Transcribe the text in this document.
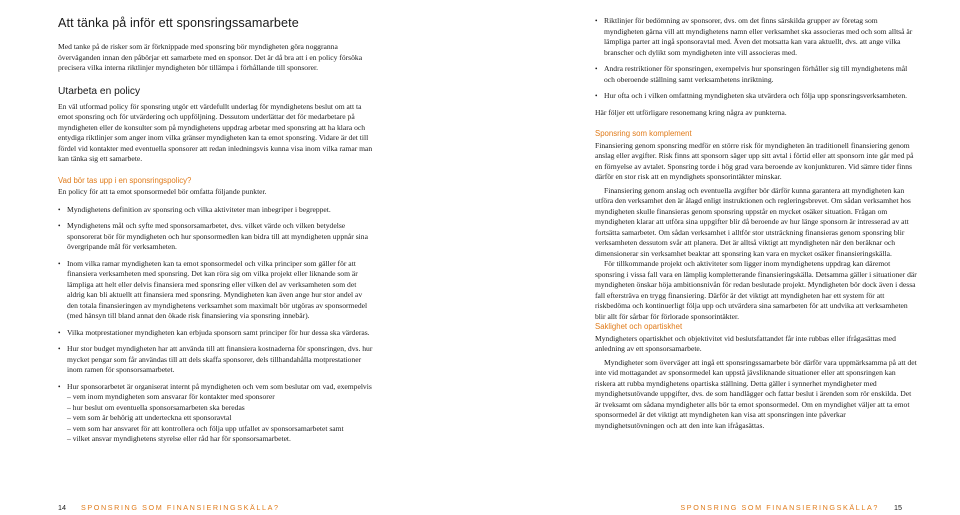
Att tänka på inför ett sponsringssamarbete

Med tanke på de risker som är förknippade med sponsring bör myndigheten göra noggranna överväganden innan den påbörjar ett samarbete med en sponsor. Det är då bra att i en policy försöka precisera vilka interna riktlinjer myndigheten bör tillämpa i förhållande till sponsorer.

Utarbeta en policy

En väl utformad policy för sponsring utgör ett värdefullt underlag för myndighetens beslut om att ta emot sponsring och för utvärdering och uppföljning. Dessutom underlättar det för medarbetare på myndigheten eller de konsulter som på myndighetens uppdrag arbetar med sponsring att ha klara och entydiga riktlinjer som anger inom vilka gränser myndigheten kan ta emot sponsring. Vidare är det till fördel vid kontakter med eventuella sponsorer att redan inledningsvis kunna visa inom vilka ramar man kan tänka sig ett samarbete.

Vad bör tas upp i en sponsringspolicy?

En policy för att ta emot sponsormedel bör omfatta följande punkter.

• Myndighetens definition av sponsring och vilka aktiviteter man inbegriper i begreppet.
• Myndighetens mål och syfte med sponsorsamarbetet, dvs. vilket värde och vilken betydelse sponsorerat bör för myndigheten och hur sponsormedlen kan bidra till att myndigheten uppnår sina övergripande mål för verksamheten.
• Inom vilka ramar myndigheten kan ta emot sponsormedel och vilka principer som gäller för att finansiera verksamheten med sponsring. Det kan röra sig om vilka projekt eller liknande som är lämpliga att helt eller delvis finansiera med sponsring eller vilken del av verksamheten som det aldrig kan bli aktuellt att finansiera med sponsring. Myndigheten kan även ange hur stor andel av den totala finansieringen av myndighetens verksamhet som maximalt bör utgöras av sponsormedel (med hänsyn till bland annat den ökade risk finansiering via sponsring innebär).
• Vilka motprestationer myndigheten kan erbjuda sponsorn samt principer för hur dessa ska värderas.
• Hur stor budget myndigheten har att använda till att finansiera kostnaderna för sponsringen, dvs. hur mycket pengar som får användas till att dels skaffa sponsorer, dels tillhandahålla motprestationer inom ramen för sponsorsamarbetet.
• Hur sponsorarbetet är organiserat internt på myndigheten och vem som beslutar om vad, exempelvis
– vem inom myndigheten som ansvarar för kontakter med sponsorer
– hur beslut om eventuella sponsorsamarbeten ska beredas
– vem som är behörig att underteckna ett sponsoravtal
– vem som har ansvaret för att kontrollera och följa upp utfallet av sponsorsamarbetet samt
– vilket ansvar myndighetens styrelse eller råd har för sponsorsamarbetet.
14 SPONSRING SOM FINANSIERINGSKÄLLA?
• Riktlinjer för bedömning av sponsorer, dvs. om det finns särskilda grupper av företag som myndigheten gärna vill att myndighetens namn eller verksamhet ska associeras med och som alltså är lämpliga parter att ingå sponsoravtal med. Även det motsatta kan vara aktuellt, dvs. att ange vilka branscher och dylikt som myndigheten inte vill associeras med.
• Andra restriktioner för sponsringen, exempelvis hur sponsringen förhåller sig till myndighetens mål och oberoende ställning samt verksamhetens inriktning.
• Hur ofta och i vilken omfattning myndigheten ska utvärdera och följa upp sponsringsverksamheten.

Här följer ett utförligare resonemang kring några av punkterna.

Sponsring som komplement

Finansiering genom sponsring medför en större risk för myndigheten än traditionell finansiering genom anslag eller avgifter. Risk finns att sponsorn säger upp sitt avtal i förtid eller att sponsorn inte går med på en förnyelse av avtalet. Sponsring torde i hög grad vara beroende av konjunkturen. Vid sämre tider finns därför en stor risk att en myndighets sponsorintäkter minskar.

Finansiering genom anslag och eventuella avgifter bör därför kunna garantera att myndigheten kan utföra den verksamhet den är ålagd enligt instruktionen och regleringsbrevet. Om sådan verksamhet hos myndigheten skulle finansieras genom sponsring uppstår en mycket osäker situation. Frågan om myndigheten klarar att utföra sina uppgifter blir då beroende av hur länge sponsorn är intresserad av att fortsätta samarbetet. Om sådan verksamhet i alltför stor utsträckning finansieras genom sponsring blir verksamheten dessutom svår att planera. Det är alltså viktigt att myndigheten när den beräknar och dimensionerar sin verksamhet beaktar att sponsring kan vara en mycket osäker finansieringskälla.

För tillkommande projekt och aktiviteter som ligger inom myndighetens uppdrag kan däremot sponsring i vissa fall vara en lämplig kompletterande finansieringskälla. Detsamma gäller i situationer där myndigheten önskar höja ambitionsnivån för redan beslutade projekt. Myndigheten bör dock även i dessa fall eftersträva en trygg finansiering. Därför är det viktigt att myndigheten har ett system för att riskbedöma och kontinuerligt följa upp och utvärdera sina samarbeten för att undvika att verksamheten blir allt för sårbar för förlorade sponsorintäkter.

Saklighet och opartiskhet

Myndigheters opartiskhet och objektivitet vid beslutsfattandet får inte rubbas eller ifrågasättas med anledning av ett sponsorsamarbete.

Myndigheter som överväger att ingå ett sponsringssamarbete bör därför vara uppmärksamma på att det inte vid mottagandet av sponsormedel kan uppstå jävsliknande situationer eller att sponsringen kan riskera att rubba myndighetens opartiska ställning. Detta gäller i synnerhet myndigheter med myndighetsutövande uppgifter, dvs. de som handlägger och fattar beslut i ärenden som rör enskilda. Det är tveksamt om sådana myndigheter alls bör ta emot sponsormedel. Om en myndighet väljer att ta emot sponsormedel är det viktigt att myndigheten kan visa att sponsringen inte påverkar myndighetsutövningen och att den inte kan ifrågasättas.

SPONSRING SOM FINANSIERINGSKÄLLA? 15
